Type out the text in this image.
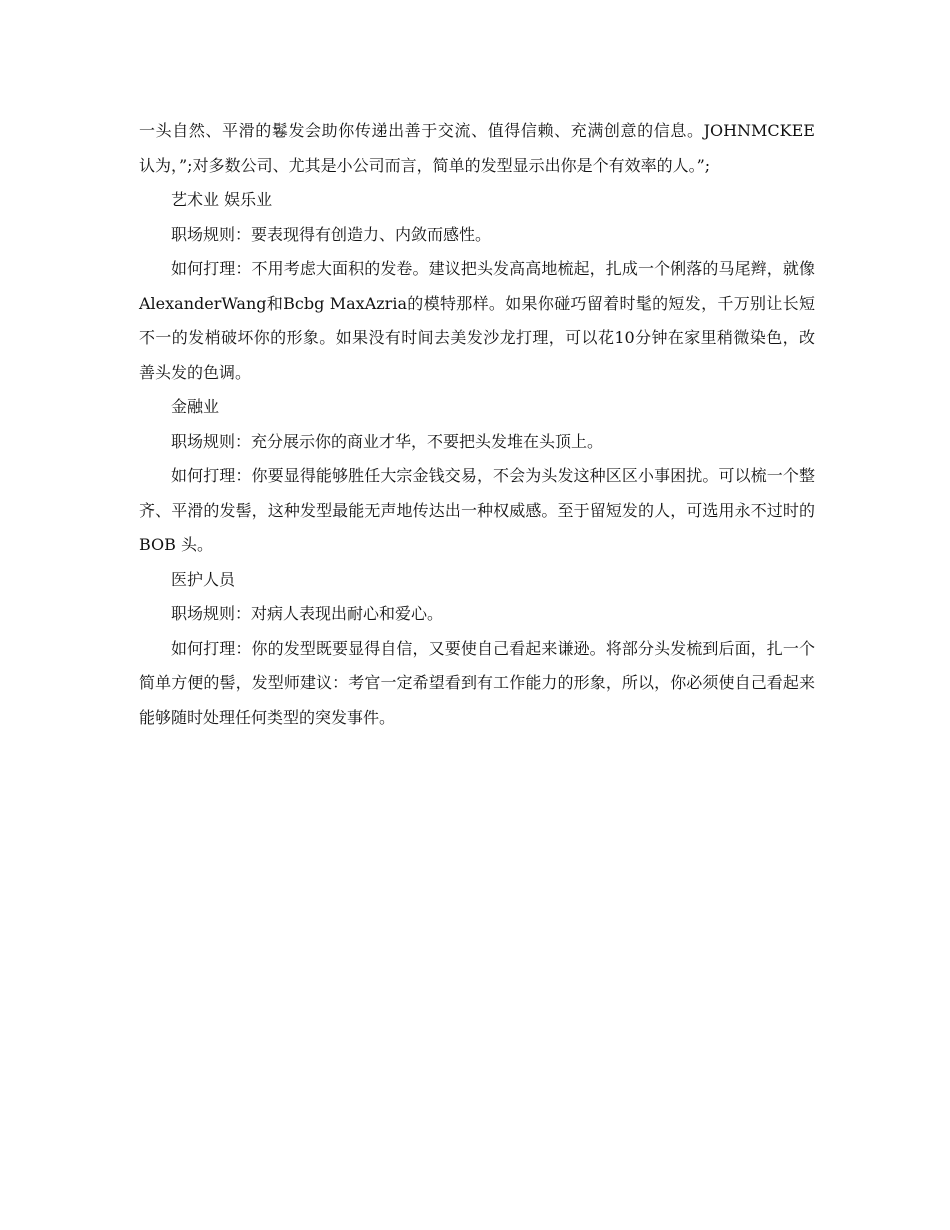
一头自然、平滑的鬈发会助你传递出善于交流、值得信赖、充满创意的信息。JOHNMCKEE 认为，”;对多数公司、尤其是小公司而言，简单的发型显示出你是个有效率的人。”;

艺术业 娱乐业

职场规则：要表现得有创造力、内敛而感性。

如何打理：不用考虑大面积的发卷。建议把头发高高地梳起，扎成一个俐落的马尾辫，就像AlexanderWang和Bcbg MaxAzria的模特那样。如果你碰巧留着时髦的短发，千万别让长短不一的发梢破坏你的形象。如果没有时间去美发沙龙打理，可以花10分钟在家里稍微染色，改善头发的色调。

金融业

职场规则：充分展示你的商业才华，不要把头发堆在头顶上。

如何打理：你要显得能够胜任大宗金钱交易，不会为头发这种区区小事困扰。可以梳一个整齐、平滑的发髻，这种发型最能无声地传达出一种权威感。至于留短发的人，可选用永不过时的BOB 头。

医护人员

职场规则：对病人表现出耐心和爱心。

如何打理：你的发型既要显得自信，又要使自己看起来谦逊。将部分头发梳到后面，扎一个简单方便的髻，发型师建议：考官一定希望看到有工作能力的形象，所以，你必须使自己看起来能够随时处理任何类型的突发事件。
